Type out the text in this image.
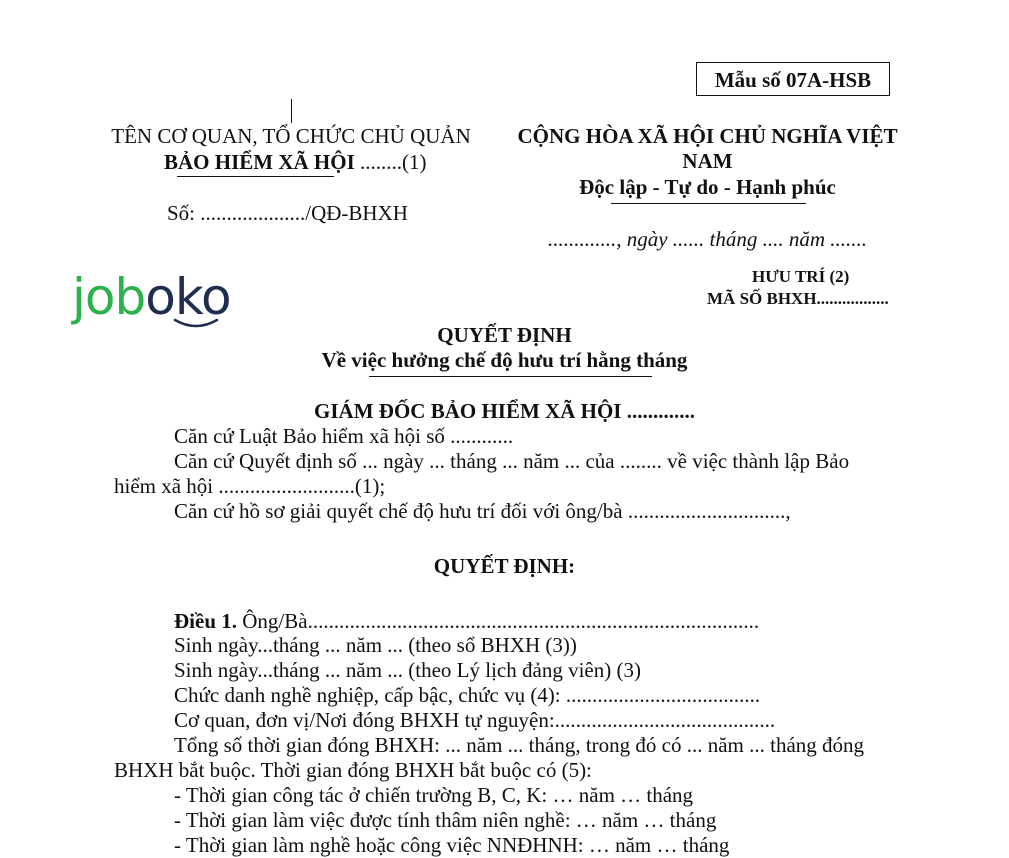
Mẫu số 07A-HSB
TÊN CƠ QUAN, TỔ CHỨC CHỦ QUẢN
BẢO HIỂM XÃ HỘI ........(1)
Số: ..................../QĐ-BHXH
CỘNG HÒA XÃ HỘI CHỦ NGHĨA VIỆT
NAM
Độc lập - Tự do - Hạnh phúc
............., ngày ...... tháng .... năm .......
HƯU TRÍ (2)
MÃ SỐ BHXH.................
joboko
QUYẾT ĐỊNH
Về việc hưởng chế độ hưu trí hằng tháng
GIÁM ĐỐC BẢO HIỂM XÃ HỘI .............

Căn cứ Luật Bảo hiểm xã hội số ............

Căn cứ Quyết định số ... ngày ... tháng ... năm ... của ........ về việc thành lập Bảo

hiểm xã hội ..........................(1);

Căn cứ hồ sơ giải quyết chế độ hưu trí đối với ông/bà ..............................,

QUYẾT ĐỊNH:

Điều 1. Ông/Bà......................................................................................

Sinh ngày...tháng ... năm ... (theo sổ BHXH (3))

Sinh ngày...tháng ... năm ... (theo Lý lịch đảng viên) (3)

Chức danh nghề nghiệp, cấp bậc, chức vụ (4): .....................................

Cơ quan, đơn vị/Nơi đóng BHXH tự nguyện:..........................................

Tổng số thời gian đóng BHXH: ... năm ... tháng, trong đó có ... năm ... tháng đóng

BHXH bắt buộc. Thời gian đóng BHXH bắt buộc có (5):

- Thời gian công tác ở chiến trường B, C, K: … năm … tháng

- Thời gian làm việc được tính thâm niên nghề: … năm … tháng

- Thời gian làm nghề hoặc công việc NNĐHNH: … năm … tháng
